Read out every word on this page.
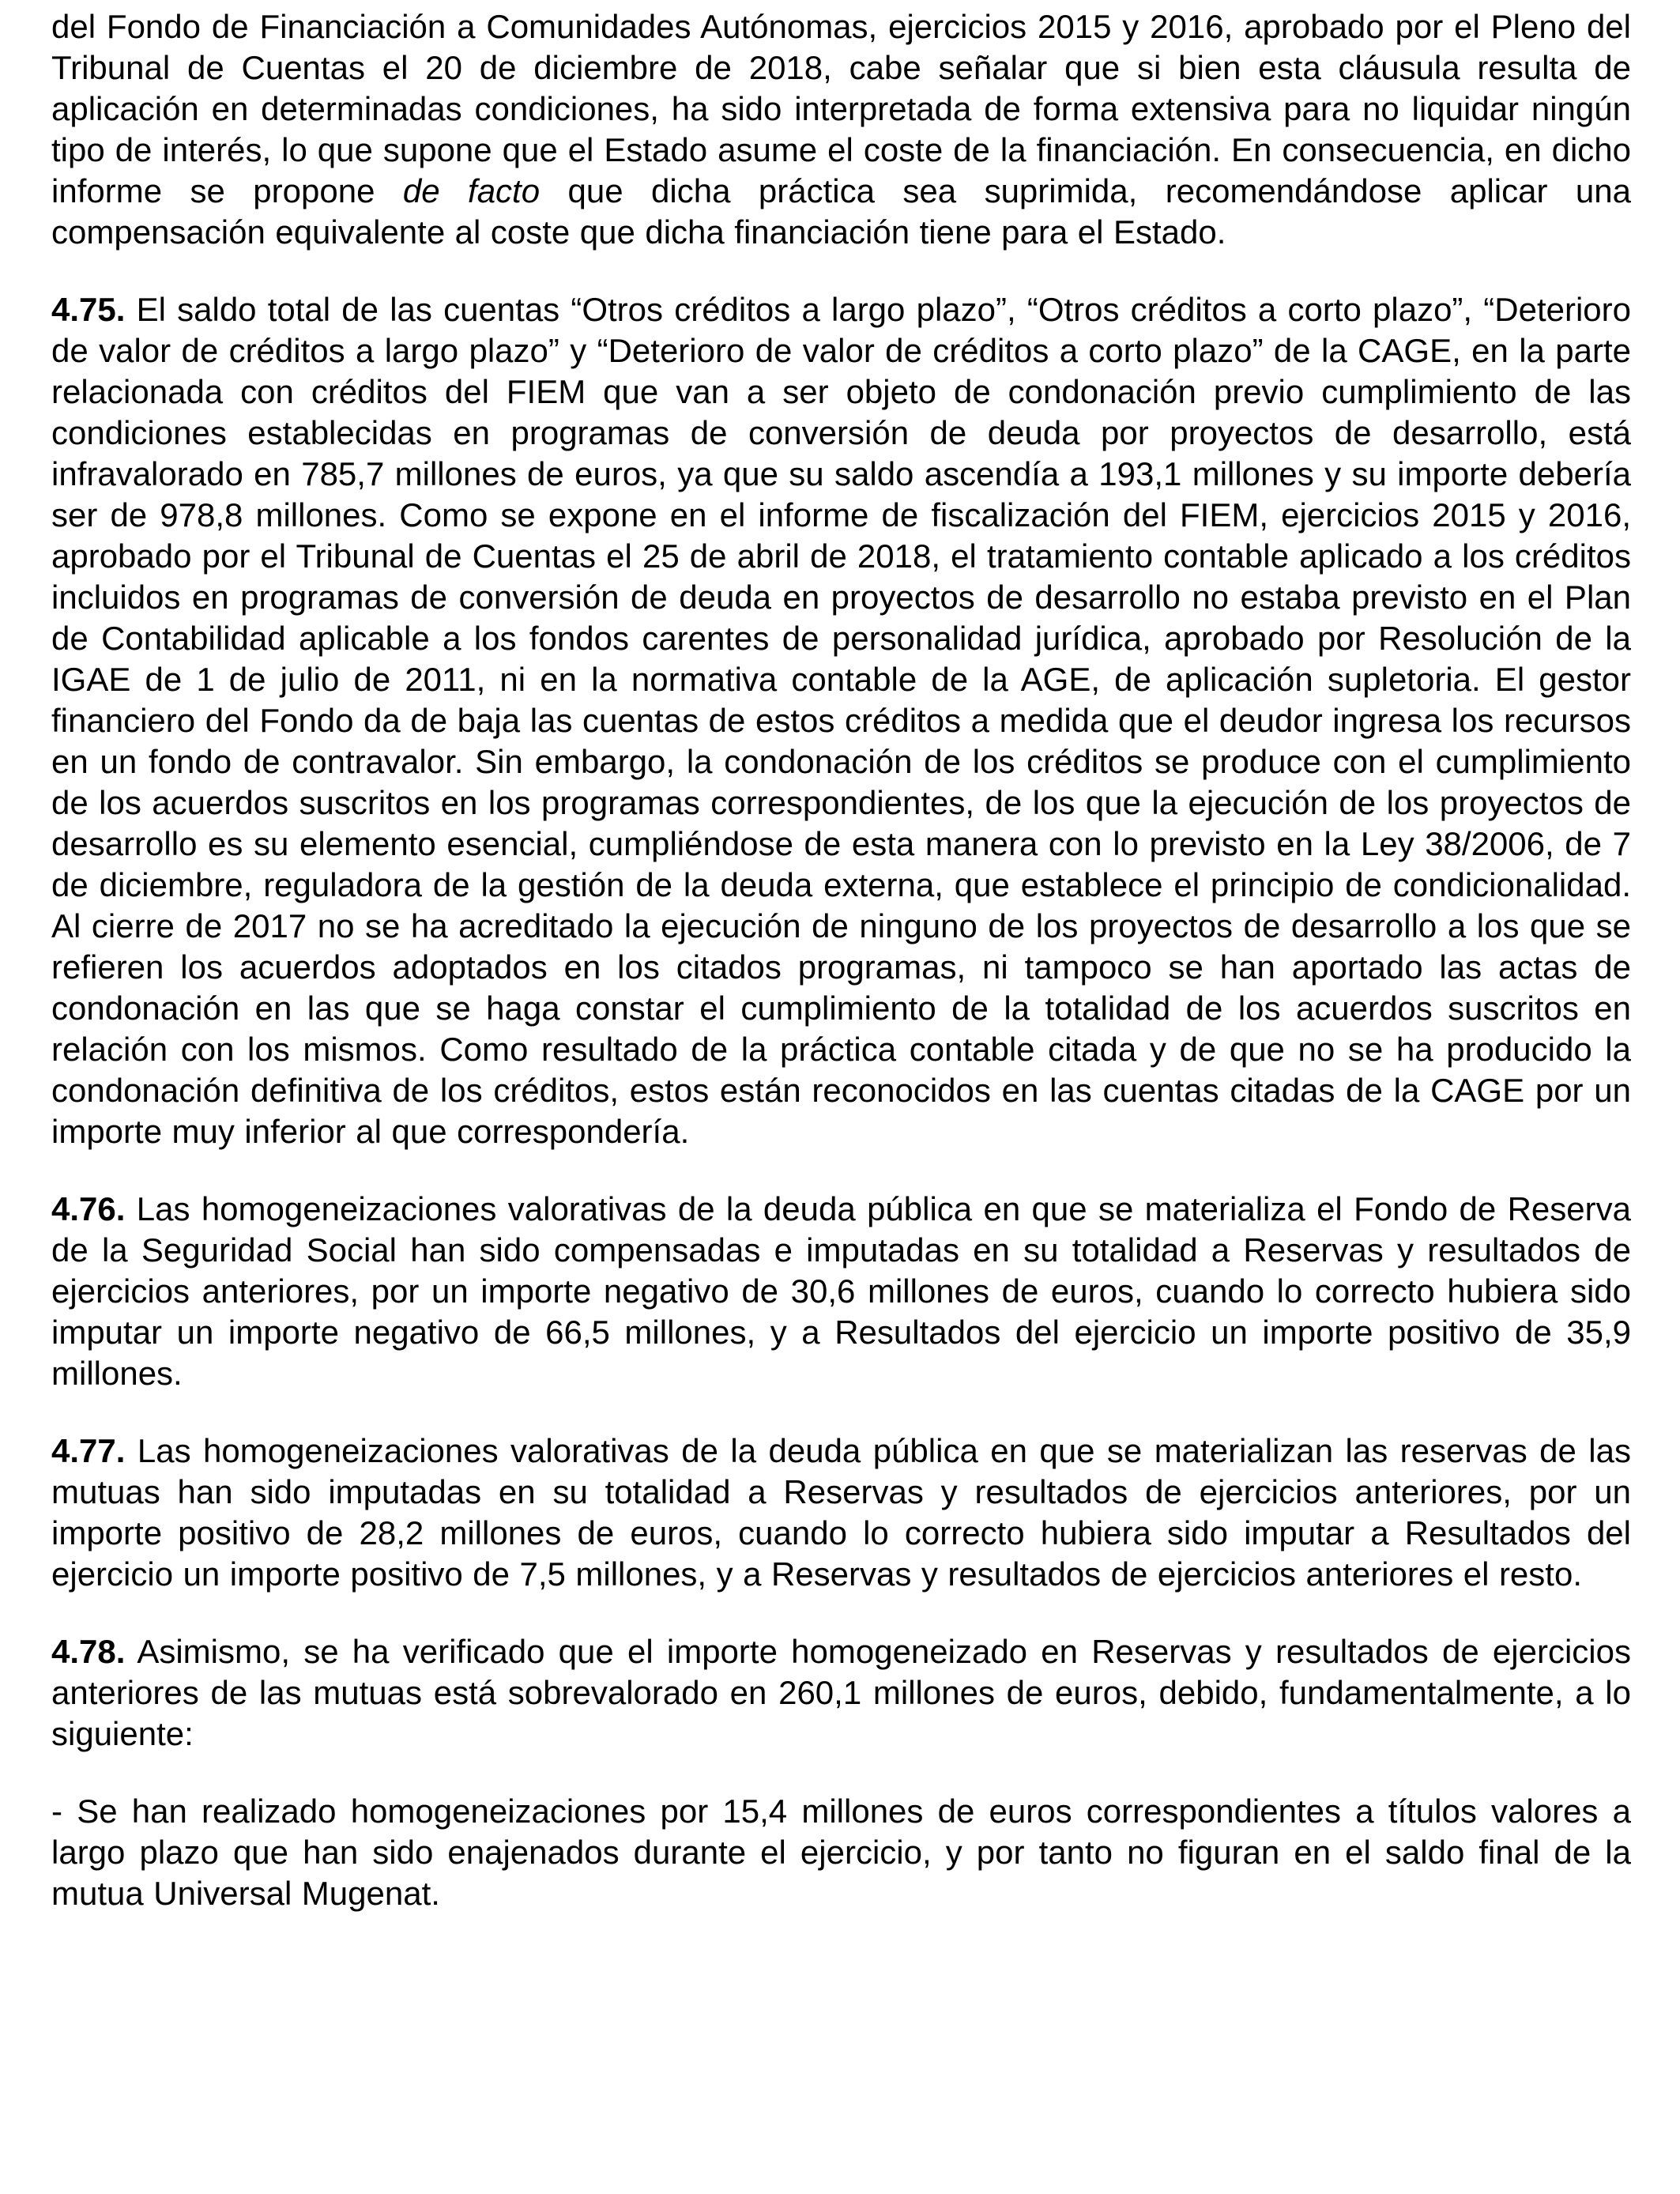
del Fondo de Financiación a Comunidades Autónomas, ejercicios 2015 y 2016, aprobado por el Pleno del Tribunal de Cuentas el 20 de diciembre de 2018, cabe señalar que si bien esta cláusula resulta de aplicación en determinadas condiciones, ha sido interpretada de forma extensiva para no liquidar ningún tipo de interés, lo que supone que el Estado asume el coste de la financiación. En consecuencia, en dicho informe se propone de facto que dicha práctica sea suprimida, recomendándose aplicar una compensación equivalente al coste que dicha financiación tiene para el Estado.

4.75. El saldo total de las cuentas “Otros créditos a largo plazo”, “Otros créditos a corto plazo”, “Deterioro de valor de créditos a largo plazo” y “Deterioro de valor de créditos a corto plazo” de la CAGE, en la parte relacionada con créditos del FIEM que van a ser objeto de condonación previo cumplimiento de las condiciones establecidas en programas de conversión de deuda por proyectos de desarrollo, está infravalorado en 785,7 millones de euros, ya que su saldo ascendía a 193,1 millones y su importe debería ser de 978,8 millones. Como se expone en el informe de fiscalización del FIEM, ejercicios 2015 y 2016, aprobado por el Tribunal de Cuentas el 25 de abril de 2018, el tratamiento contable aplicado a los créditos incluidos en programas de conversión de deuda en proyectos de desarrollo no estaba previsto en el Plan de Contabilidad aplicable a los fondos carentes de personalidad jurídica, aprobado por Resolución de la IGAE de 1 de julio de 2011, ni en la normativa contable de la AGE, de aplicación supletoria. El gestor financiero del Fondo da de baja las cuentas de estos créditos a medida que el deudor ingresa los recursos en un fondo de contravalor. Sin embargo, la condonación de los créditos se produce con el cumplimiento de los acuerdos suscritos en los programas correspondientes, de los que la ejecución de los proyectos de desarrollo es su elemento esencial, cumpliéndose de esta manera con lo previsto en la Ley 38/2006, de 7 de diciembre, reguladora de la gestión de la deuda externa, que establece el principio de condicionalidad. Al cierre de 2017 no se ha acreditado la ejecución de ninguno de los proyectos de desarrollo a los que se refieren los acuerdos adoptados en los citados programas, ni tampoco se han aportado las actas de condonación en las que se haga constar el cumplimiento de la totalidad de los acuerdos suscritos en relación con los mismos. Como resultado de la práctica contable citada y de que no se ha producido la condonación definitiva de los créditos, estos están reconocidos en las cuentas citadas de la CAGE por un importe muy inferior al que correspondería.

4.76. Las homogeneizaciones valorativas de la deuda pública en que se materializa el Fondo de Reserva de la Seguridad Social han sido compensadas e imputadas en su totalidad a Reservas y resultados de ejercicios anteriores, por un importe negativo de 30,6 millones de euros, cuando lo correcto hubiera sido imputar un importe negativo de 66,5 millones, y a Resultados del ejercicio un importe positivo de 35,9 millones.

4.77. Las homogeneizaciones valorativas de la deuda pública en que se materializan las reservas de las mutuas han sido imputadas en su totalidad a Reservas y resultados de ejercicios anteriores, por un importe positivo de 28,2 millones de euros, cuando lo correcto hubiera sido imputar a Resultados del ejercicio un importe positivo de 7,5 millones, y a Reservas y resultados de ejercicios anteriores el resto.

4.78. Asimismo, se ha verificado que el importe homogeneizado en Reservas y resultados de ejercicios anteriores de las mutuas está sobrevalorado en 260,1 millones de euros, debido, fundamentalmente, a lo siguiente:

- Se han realizado homogeneizaciones por 15,4 millones de euros correspondientes a títulos valores a largo plazo que han sido enajenados durante el ejercicio, y por tanto no figuran en el saldo final de la mutua Universal Mugenat.
